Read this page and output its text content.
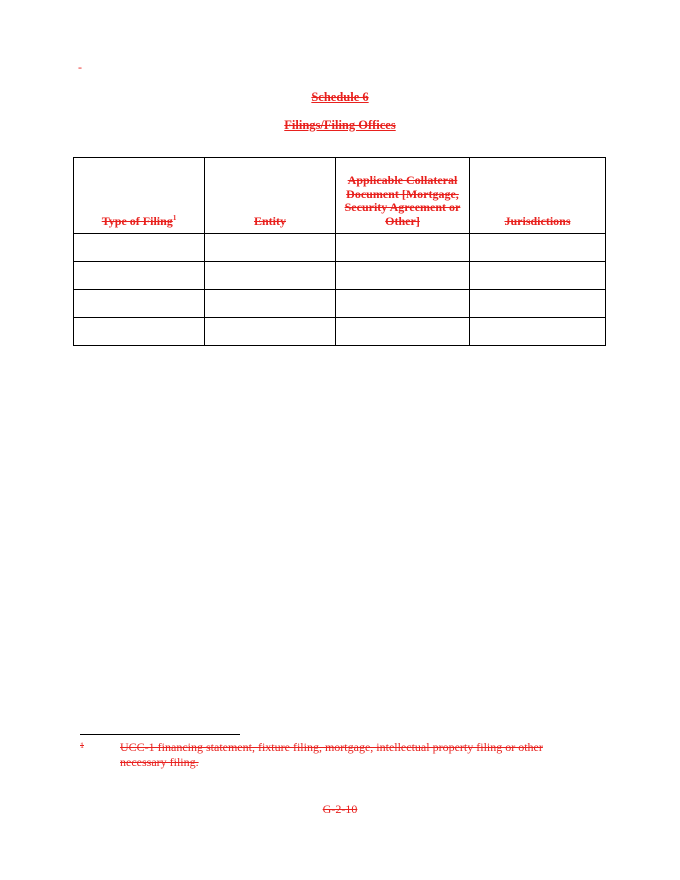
-
Schedule 6
Filings/Filing Offices
Type of Filing$^1$	Entity	Applicable Collateral Document [Mortgage, Security Agreement or Other]	Jurisdictions

1	UCC-1 financing statement, fixture filing, mortgage, intellectual property filing or other necessary filing.
G-2-10
